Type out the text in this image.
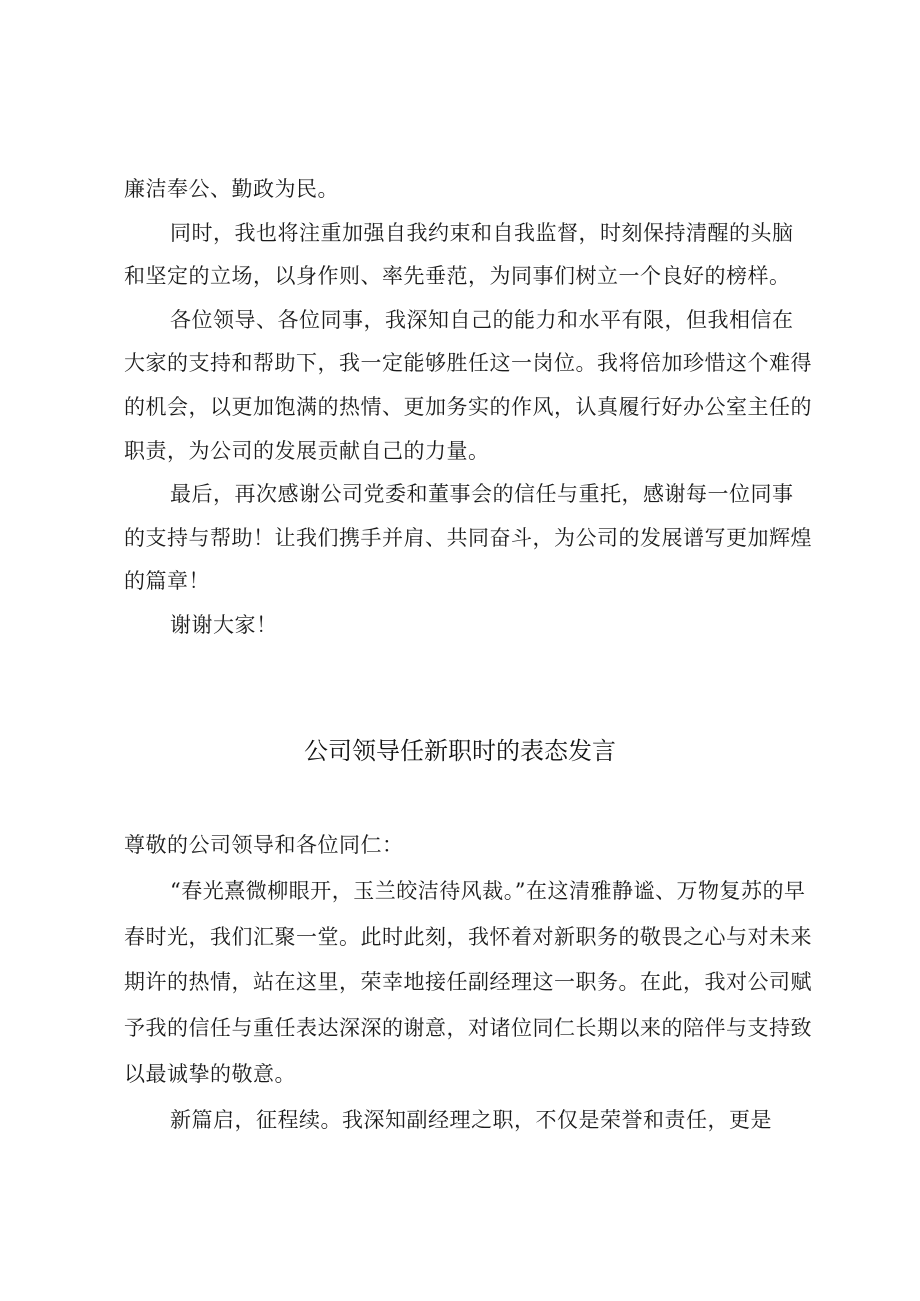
廉洁奉公、勤政为民。

同时，我也将注重加强自我约束和自我监督，时刻保持清醒的头脑和坚定的立场，以身作则、率先垂范，为同事们树立一个良好的榜样。

各位领导、各位同事，我深知自己的能力和水平有限，但我相信在大家的支持和帮助下，我一定能够胜任这一岗位。我将倍加珍惜这个难得的机会，以更加饱满的热情、更加务实的作风，认真履行好办公室主任的职责，为公司的发展贡献自己的力量。

最后，再次感谢公司党委和董事会的信任与重托，感谢每一位同事的支持与帮助！让我们携手并肩、共同奋斗，为公司的发展谱写更加辉煌的篇章！

谢谢大家！

公司领导任新职时的表态发言

尊敬的公司领导和各位同仁：

“春光熹微柳眼开，玉兰皎洁待风裁。”在这清雅静谧、万物复苏的早春时光，我们汇聚一堂。此时此刻，我怀着对新职务的敬畏之心与对未来期许的热情，站在这里，荣幸地接任副经理这一职务。在此，我对公司赋予我的信任与重任表达深深的谢意，对诸位同仁长期以来的陪伴与支持致以最诚挚的敬意。

新篇启，征程续。我深知副经理之职，不仅是荣誉和责任，更是
